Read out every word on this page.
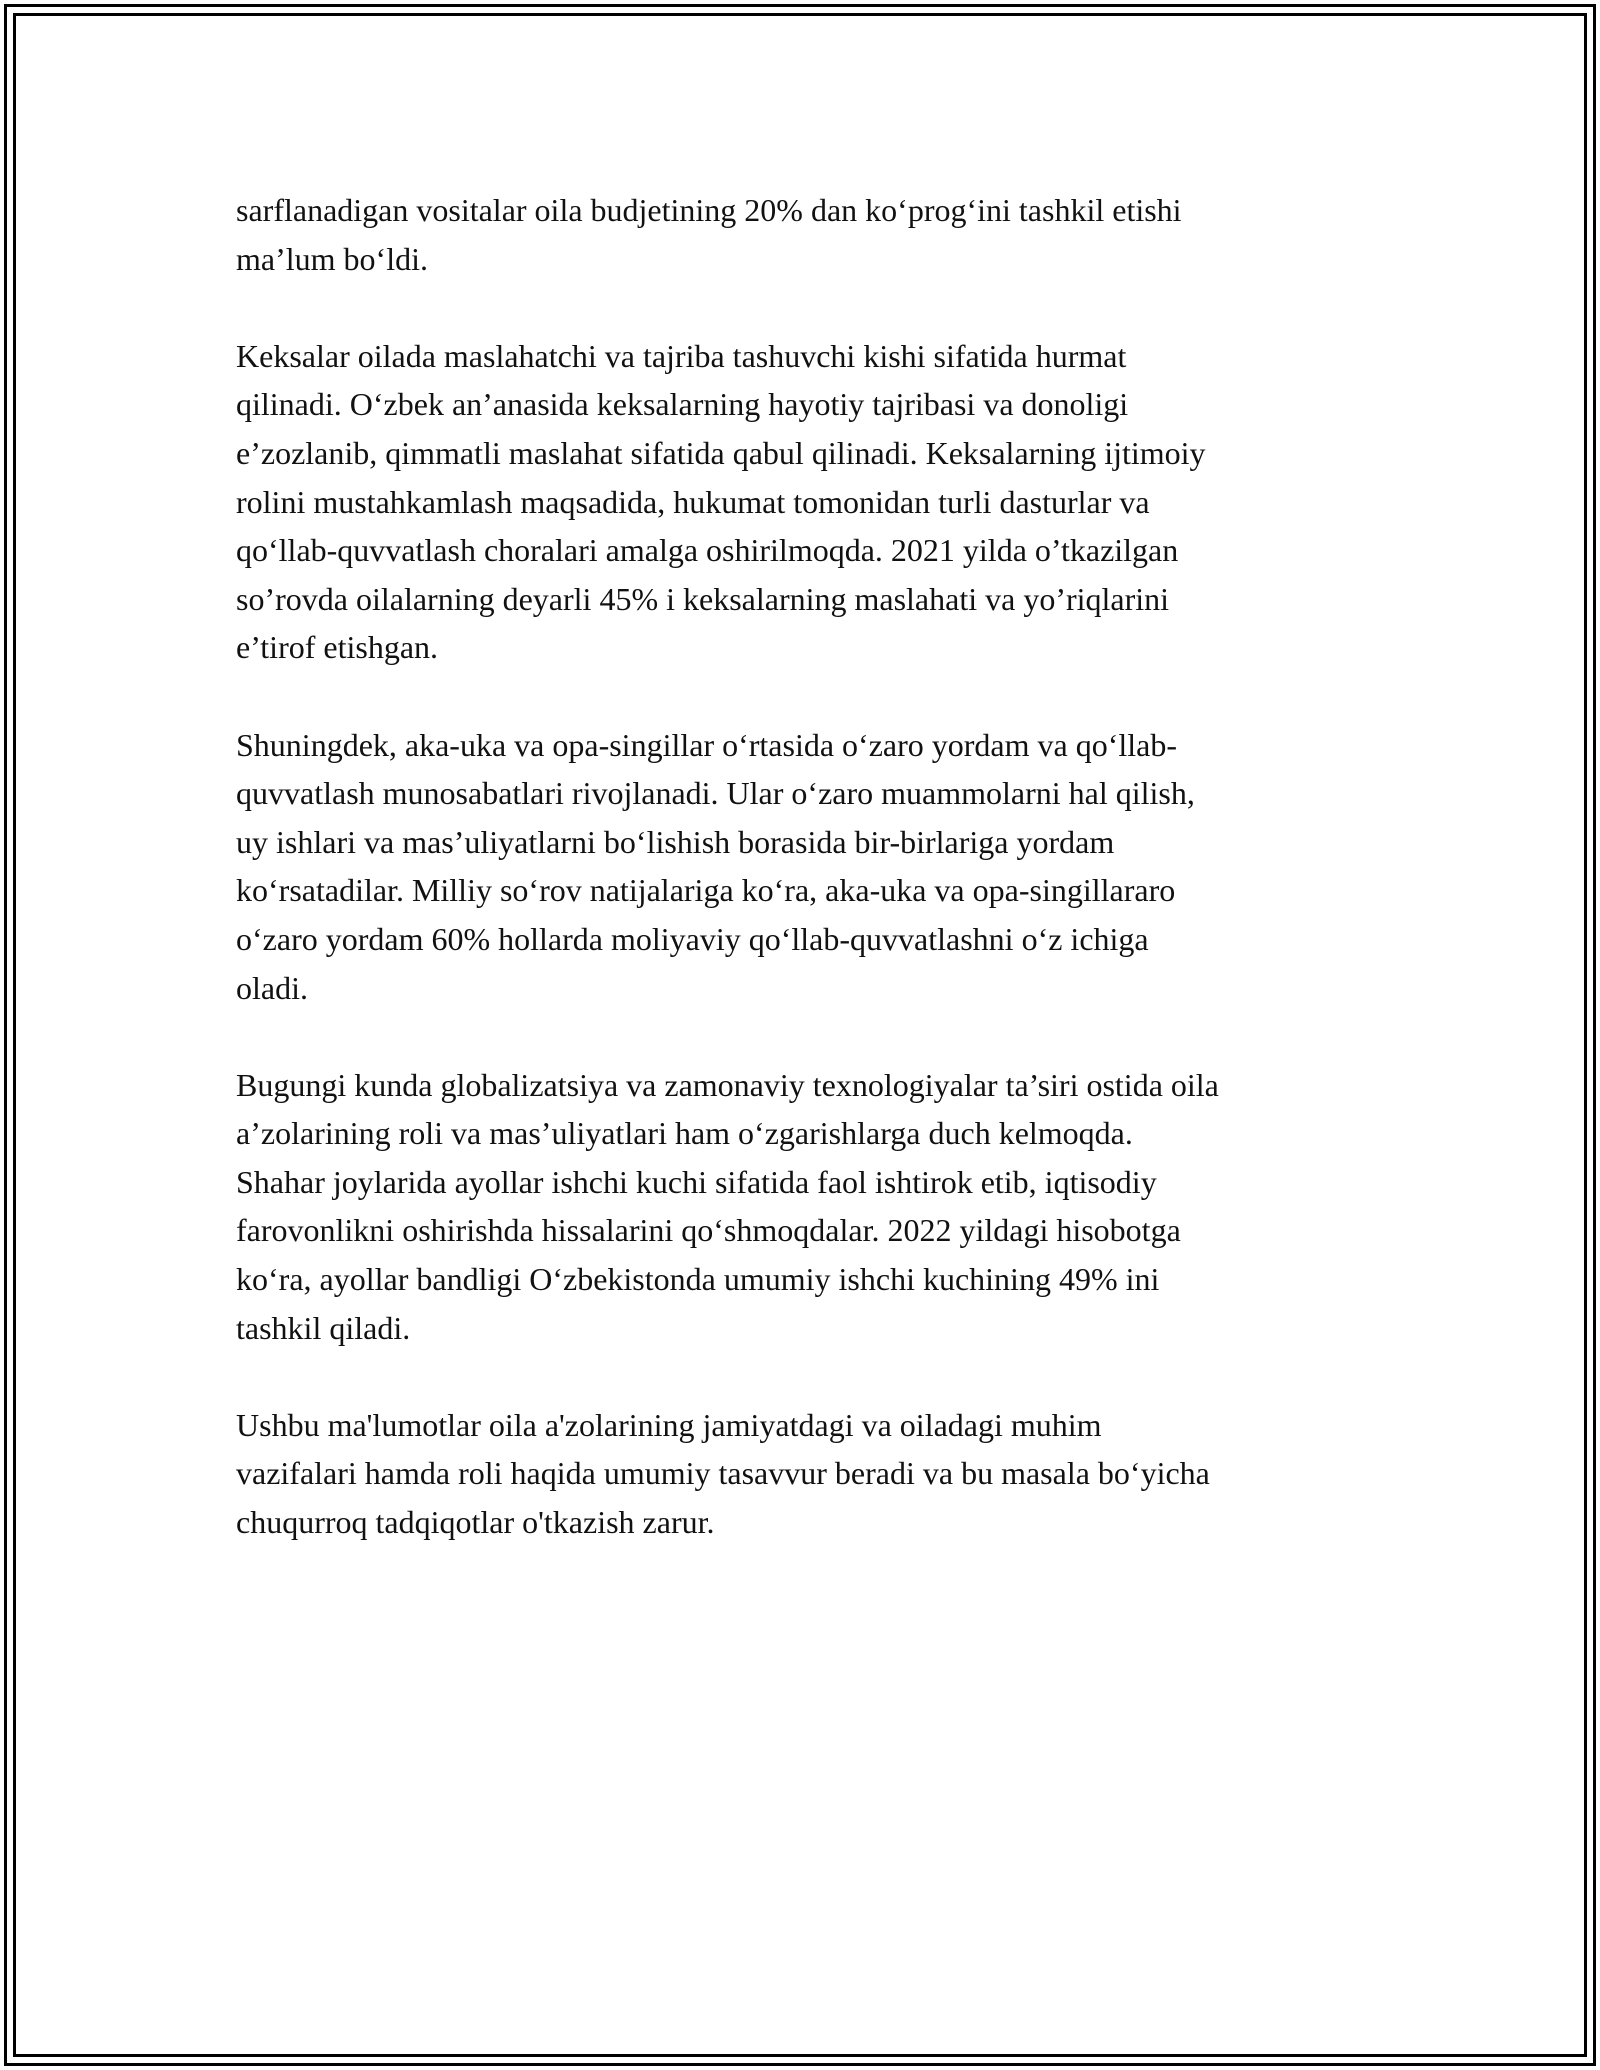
sarflanadigan vositalar oila budjetining 20% dan ko‘prog‘ini tashkil etishi
ma’lum bo‘ldi.

Keksalar oilada maslahatchi va tajriba tashuvchi kishi sifatida hurmat
qilinadi. O‘zbek an’anasida keksalarning hayotiy tajribasi va donoligi
e’zozlanib, qimmatli maslahat sifatida qabul qilinadi. Keksalarning ijtimoiy
rolini mustahkamlash maqsadida, hukumat tomonidan turli dasturlar va
qo‘llab-quvvatlash choralari amalga oshirilmoqda. 2021 yilda o’tkazilgan
so’rovda oilalarning deyarli 45% i keksalarning maslahati va yo’riqlarini
e’tirof etishgan.

Shuningdek, aka-uka va opa-singillar o‘rtasida o‘zaro yordam va qo‘llab-
quvvatlash munosabatlari rivojlanadi. Ular o‘zaro muammolarni hal qilish,
uy ishlari va mas’uliyatlarni bo‘lishish borasida bir-birlariga yordam
ko‘rsatadilar. Milliy so‘rov natijalariga ko‘ra, aka-uka va opa-singillararo
o‘zaro yordam 60% hollarda moliyaviy qo‘llab-quvvatlashni o‘z ichiga
oladi.

Bugungi kunda globalizatsiya va zamonaviy texnologiyalar ta’siri ostida oila
a’zolarining roli va mas’uliyatlari ham o‘zgarishlarga duch kelmoqda.
Shahar joylarida ayollar ishchi kuchi sifatida faol ishtirok etib, iqtisodiy
farovonlikni oshirishda hissalarini qo‘shmoqdalar. 2022 yildagi hisobotga
ko‘ra, ayollar bandligi O‘zbekistonda umumiy ishchi kuchining 49% ini
tashkil qiladi.

Ushbu ma'lumotlar oila a'zolarining jamiyatdagi va oiladagi muhim
vazifalari hamda roli haqida umumiy tasavvur beradi va bu masala bo‘yicha
chuqurroq tadqiqotlar o'tkazish zarur.
